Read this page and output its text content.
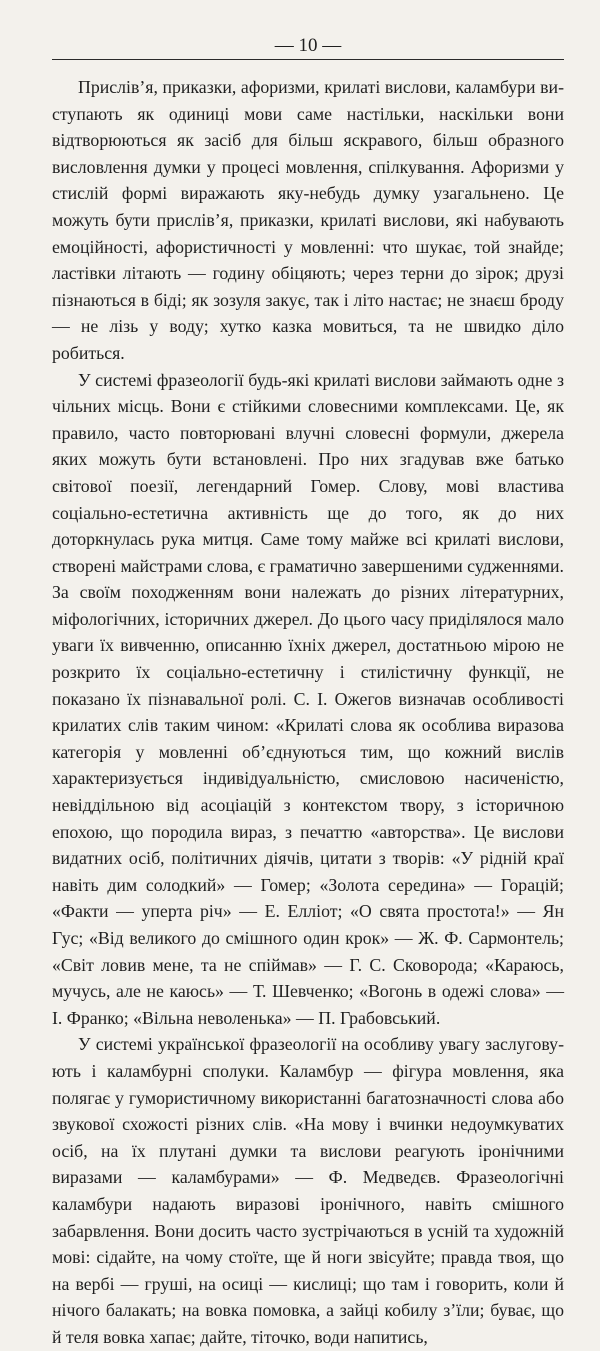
— 10 —

Прислів’я, приказки, афоризми, крилаті вислови, каламбури виступають як одиниці мови саме настільки, наскільки вони відтворюються як засіб для більш яскравого, більш образного висловлення думки у процесі мовлення, спілкування. Афоризми у стислій формі виражають яку-небудь думку узагальнено. Це можуть бути прислів’я, приказки, крилаті вислови, які набувають емоційності, афористичності у мовленні: что шукає, той знайде; ластівки літають — годину обіцяють; через терни до зірок; друзі пізнаються в біді; як зозуля закує, так і літо настає; не знаєш броду — не лізь у воду; хутко казка мовиться, та не швидко діло робиться.

У системі фразеології будь-які крилаті вислови займають одне з чільних місць. Вони є стійкими словесними комплексами. Це, як правило, часто повторювані влучні словесні формули, джерела яких можуть бути встановлені. Про них згадував вже батько світової поезії, легендарний Гомер. Слову, мові властива соціально-естетична активність ще до того, як до них доторкнулась рука митця. Саме тому майже всі крилаті вислови, створені майстрами слова, є граматично завершеними судженнями. За своїм походженням вони належать до різних літературних, міфологічних, історичних джерел. До цього часу приділялося мало уваги їх вивченню, описанню їхніх джерел, достатньою мірою не розкрито їх соціально-естетичну і стилістичну функції, не показано їх пізнавальної ролі. С. І. Ожегов визначав особливості крилатих слів таким чином: «Крилаті слова як особлива виразова категорія у мовленні об’єднуються тим, що кожний вислів характеризується індивідуальністю, смисловою насиченістю, невіддільною від асоціацій з контекстом твору, з історичною епохою, що породила вираз, з печаттю «авторства». Це вислови видатних осіб, політичних діячів, цитати з творів: «У рідній краї навіть дим солодкий» — Гомер; «Золота середина» — Горацій; «Факти — уперта річ» — Е. Елліот; «О свята простота!» — Ян Гус; «Від великого до смішного один крок» — Ж. Ф. Сармонтель; «Світ ловив мене, та не спіймав» — Г. С. Сковорода; «Караюсь, мучусь, але не каюсь» — Т. Шевченко; «Вогонь в одежі слова» — І. Франко; «Вільна неволенька» — П. Грабовський.

У системі української фразеології на особливу увагу заслуговують і каламбурні сполуки. Каламбур — фігура мовлення, яка полягає у гумористичному використанні багатозначності слова або звукової схожості різних слів. «На мову і вчинки недоумкуватих осіб, на їх плутані думки та вислови реагують іронічними виразами — каламбурами» — Ф. Медведєв. Фразеологічні каламбури надають виразові іронічного, навіть смішного забарвлення. Вони досить часто зустрічаються в усній та художній мові: сідайте, на чому стоїте, ще й ноги звісуйте; правда твоя, що на вербі — груші, на осиці — кислиці; що там і говорить, коли й нічого балакать; на вовка помовка, а зайці кобилу з’їли; буває, що й теля вовка хапає; дайте, тіточко, води напитись,
